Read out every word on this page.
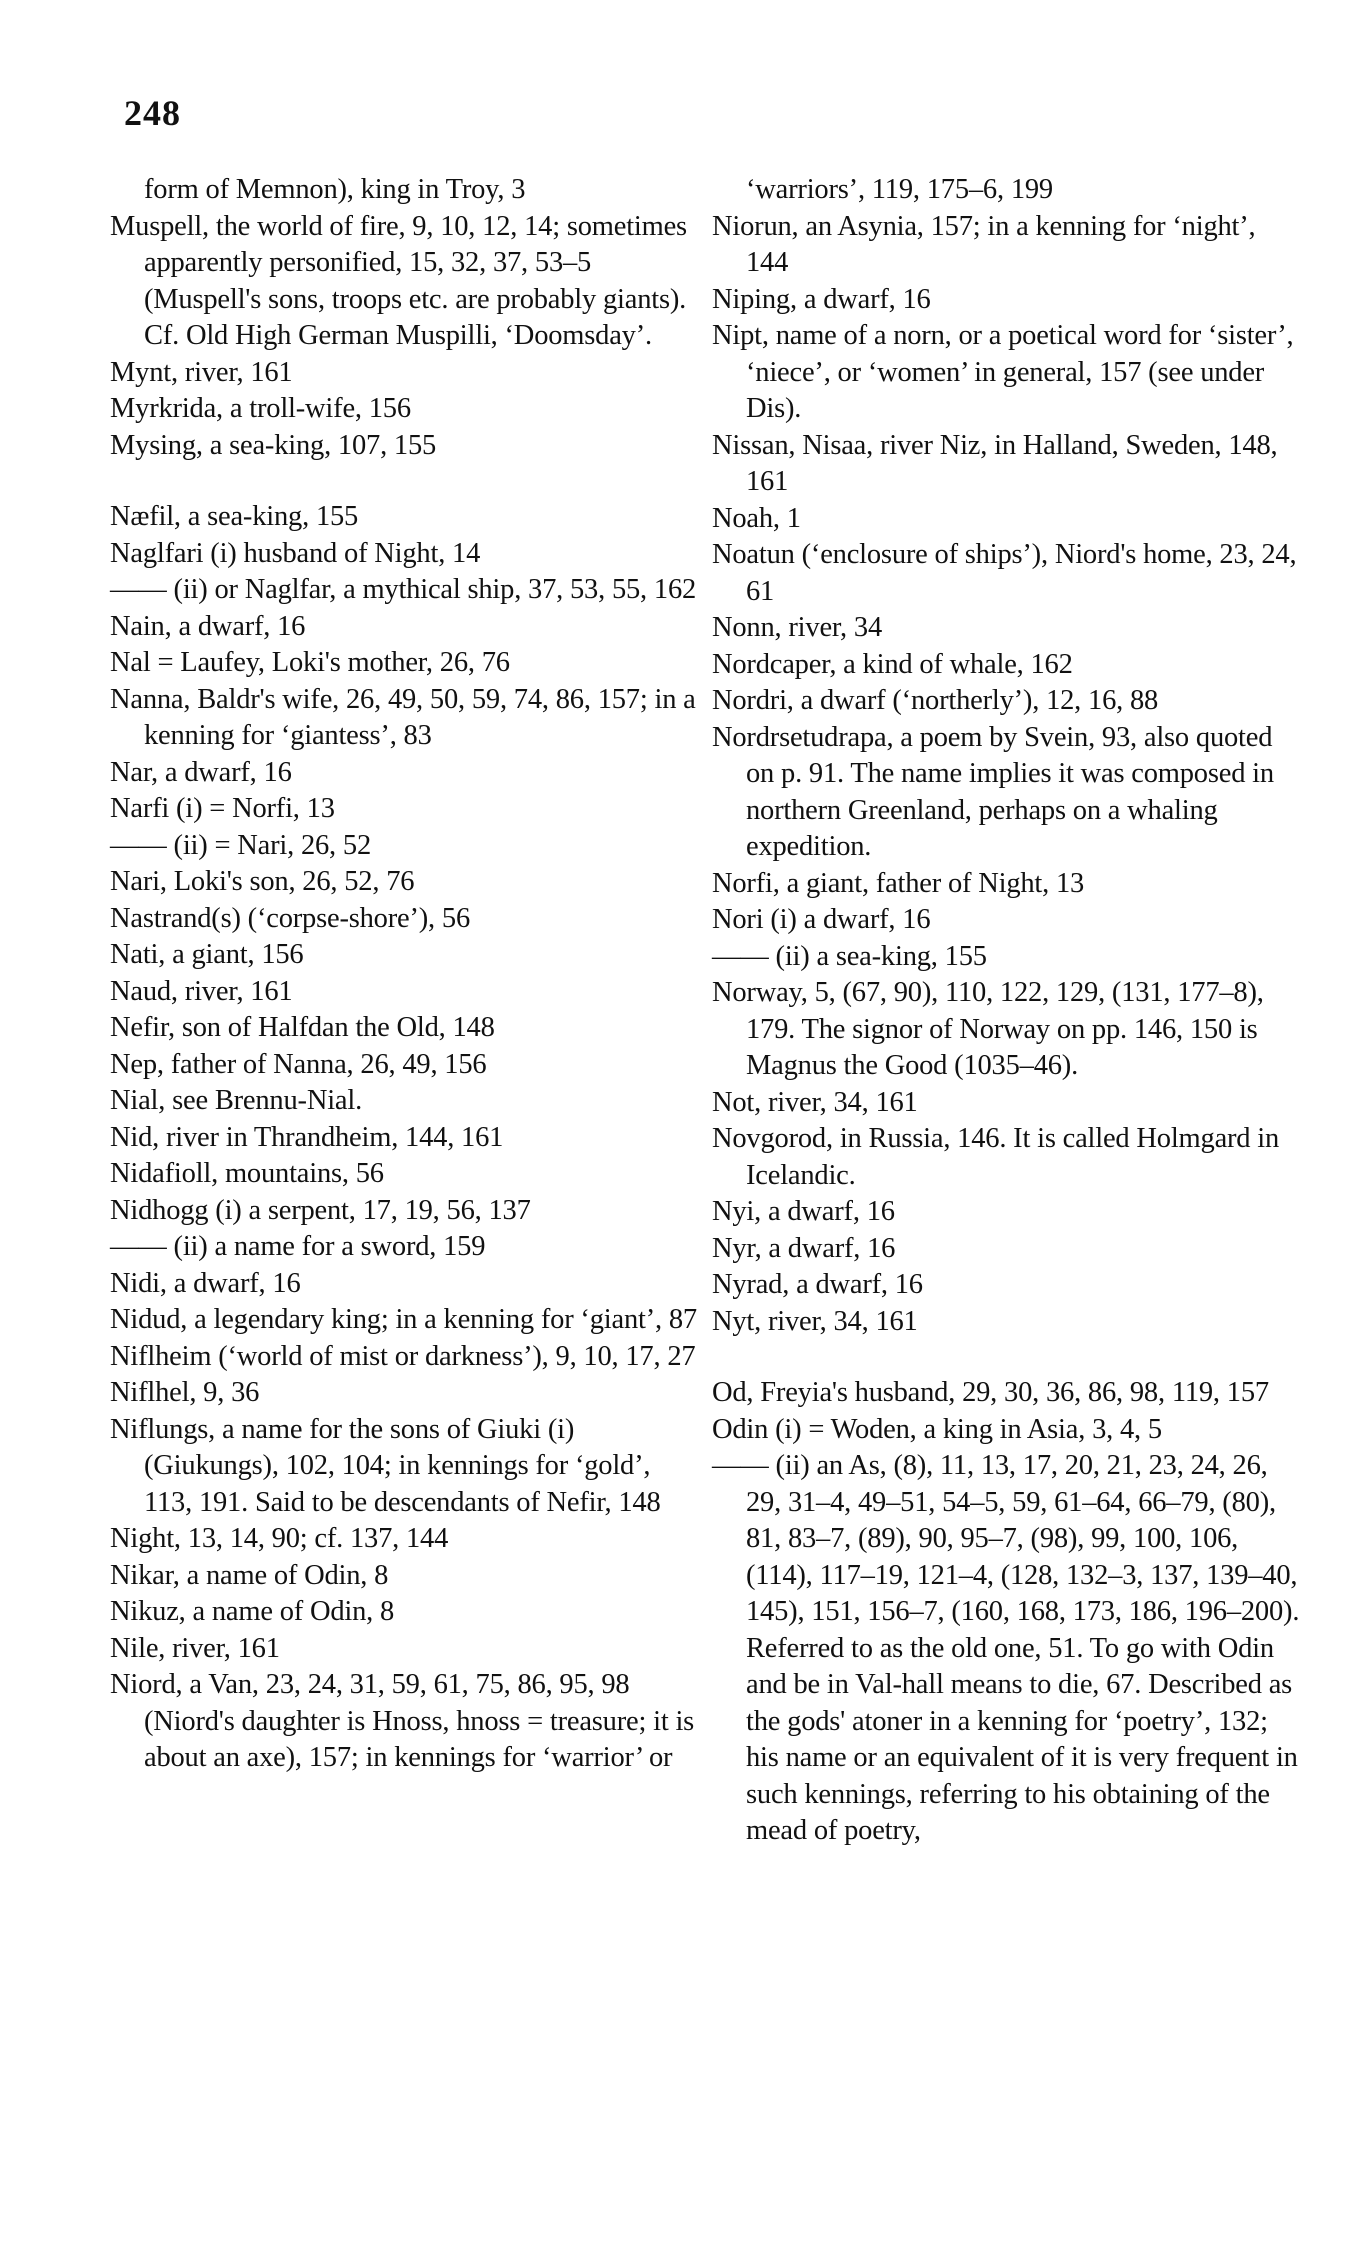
248
form of Memnon), king in Troy, 3
Muspell, the world of fire, 9, 10, 12, 14; sometimes apparently personified, 15, 32, 37, 53–5 (Muspell's sons, troops etc. are probably giants). Cf. Old High German Muspilli, ‘Doomsday’.
Mynt, river, 161
Myrkrida, a troll-wife, 156
Mysing, a sea-king, 107, 155
Næfil, a sea-king, 155
Naglfari (i) husband of Night, 14
—— (ii) or Naglfar, a mythical ship, 37, 53, 55, 162
Nain, a dwarf, 16
Nal = Laufey, Loki's mother, 26, 76
Nanna, Baldr's wife, 26, 49, 50, 59, 74, 86, 157; in a kenning for ‘giantess’, 83
Nar, a dwarf, 16
Narfi (i) = Norfi, 13
—— (ii) = Nari, 26, 52
Nari, Loki's son, 26, 52, 76
Nastrand(s) (‘corpse-shore’), 56
Nati, a giant, 156
Naud, river, 161
Nefir, son of Halfdan the Old, 148
Nep, father of Nanna, 26, 49, 156
Nial, see Brennu-Nial.
Nid, river in Thrandheim, 144, 161
Nidafioll, mountains, 56
Nidhogg (i) a serpent, 17, 19, 56, 137
—— (ii) a name for a sword, 159
Nidi, a dwarf, 16
Nidud, a legendary king; in a kenning for ‘giant’, 87
Niflheim (‘world of mist or darkness’), 9, 10, 17, 27
Niflhel, 9, 36
Niflungs, a name for the sons of Giuki (i) (Giukungs), 102, 104; in kennings for ‘gold’, 113, 191. Said to be descendants of Nefir, 148
Night, 13, 14, 90; cf. 137, 144
Nikar, a name of Odin, 8
Nikuz, a name of Odin, 8
Nile, river, 161
Niord, a Van, 23, 24, 31, 59, 61, 75, 86, 95, 98 (Niord's daughter is Hnoss, hnoss = treasure; it is about an axe), 157; in kennings for ‘warrior’ or
‘warriors’, 119, 175–6, 199
Niorun, an Asynia, 157; in a kenning for ‘night’, 144
Niping, a dwarf, 16
Nipt, name of a norn, or a poetical word for ‘sister’, ‘niece’, or ‘women’ in general, 157 (see under Dis).
Nissan, Nisaa, river Niz, in Halland, Sweden, 148, 161
Noah, 1
Noatun (‘enclosure of ships’), Niord's home, 23, 24, 61
Nonn, river, 34
Nordcaper, a kind of whale, 162
Nordri, a dwarf (‘northerly’), 12, 16, 88
Nordrsetudrapa, a poem by Svein, 93, also quoted on p. 91. The name implies it was composed in northern Greenland, perhaps on a whaling expedition.
Norfi, a giant, father of Night, 13
Nori (i) a dwarf, 16
—— (ii) a sea-king, 155
Norway, 5, (67, 90), 110, 122, 129, (131, 177–8), 179. The signor of Norway on pp. 146, 150 is Magnus the Good (1035–46).
Not, river, 34, 161
Novgorod, in Russia, 146. It is called Holmgard in Icelandic.
Nyi, a dwarf, 16
Nyr, a dwarf, 16
Nyrad, a dwarf, 16
Nyt, river, 34, 161
Od, Freyia's husband, 29, 30, 36, 86, 98, 119, 157
Odin (i) = Woden, a king in Asia, 3, 4, 5
—— (ii) an As, (8), 11, 13, 17, 20, 21, 23, 24, 26, 29, 31–4, 49–51, 54–5, 59, 61–64, 66–79, (80), 81, 83–7, (89), 90, 95–7, (98), 99, 100, 106, (114), 117–19, 121–4, (128, 132–3, 137, 139–40, 145), 151, 156–7, (160, 168, 173, 186, 196–200). Referred to as the old one, 51. To go with Odin and be in Val-hall means to die, 67. Described as the gods' atoner in a kenning for ‘poetry’, 132; his name or an equivalent of it is very frequent in such kennings, referring to his obtaining of the mead of poetry,
